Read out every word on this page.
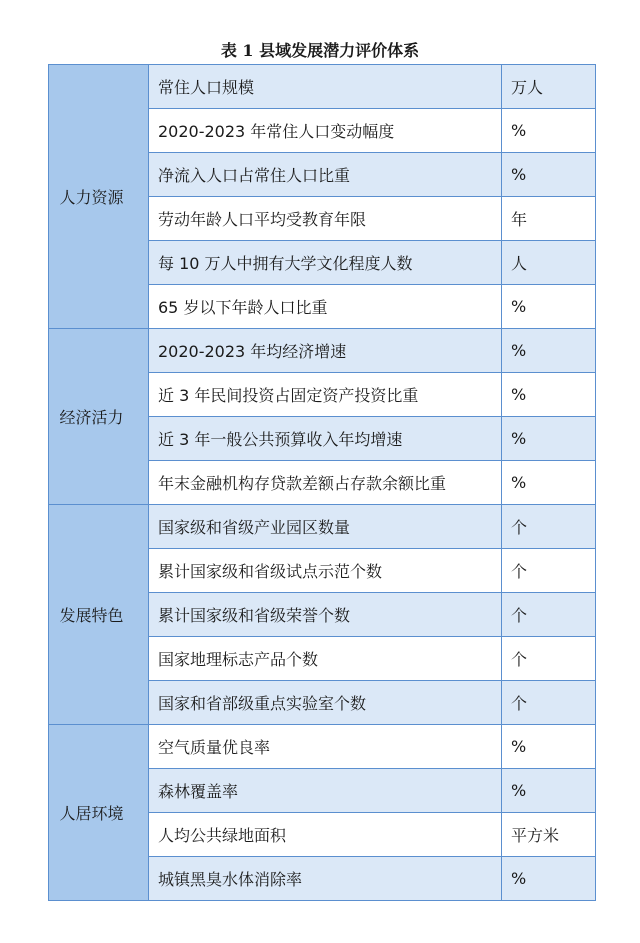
表 1 县域发展潜力评价体系
人力资源	常住人口规模	万人
	2020-2023 年常住人口变动幅度	%
	净流入人口占常住人口比重	%
	劳动年龄人口平均受教育年限	年
	每 10 万人中拥有大学文化程度人数	人
	65 岁以下年龄人口比重	%
经济活力	2020-2023 年均经济增速	%
	近 3 年民间投资占固定资产投资比重	%
	近 3 年一般公共预算收入年均增速	%
	年末金融机构存贷款差额占存款余额比重	%
发展特色	国家级和省级产业园区数量	个
	累计国家级和省级试点示范个数	个
	累计国家级和省级荣誉个数	个
	国家地理标志产品个数	个
	国家和省部级重点实验室个数	个
人居环境	空气质量优良率	%
	森林覆盖率	%
	人均公共绿地面积	平方米
	城镇黑臭水体消除率	%
